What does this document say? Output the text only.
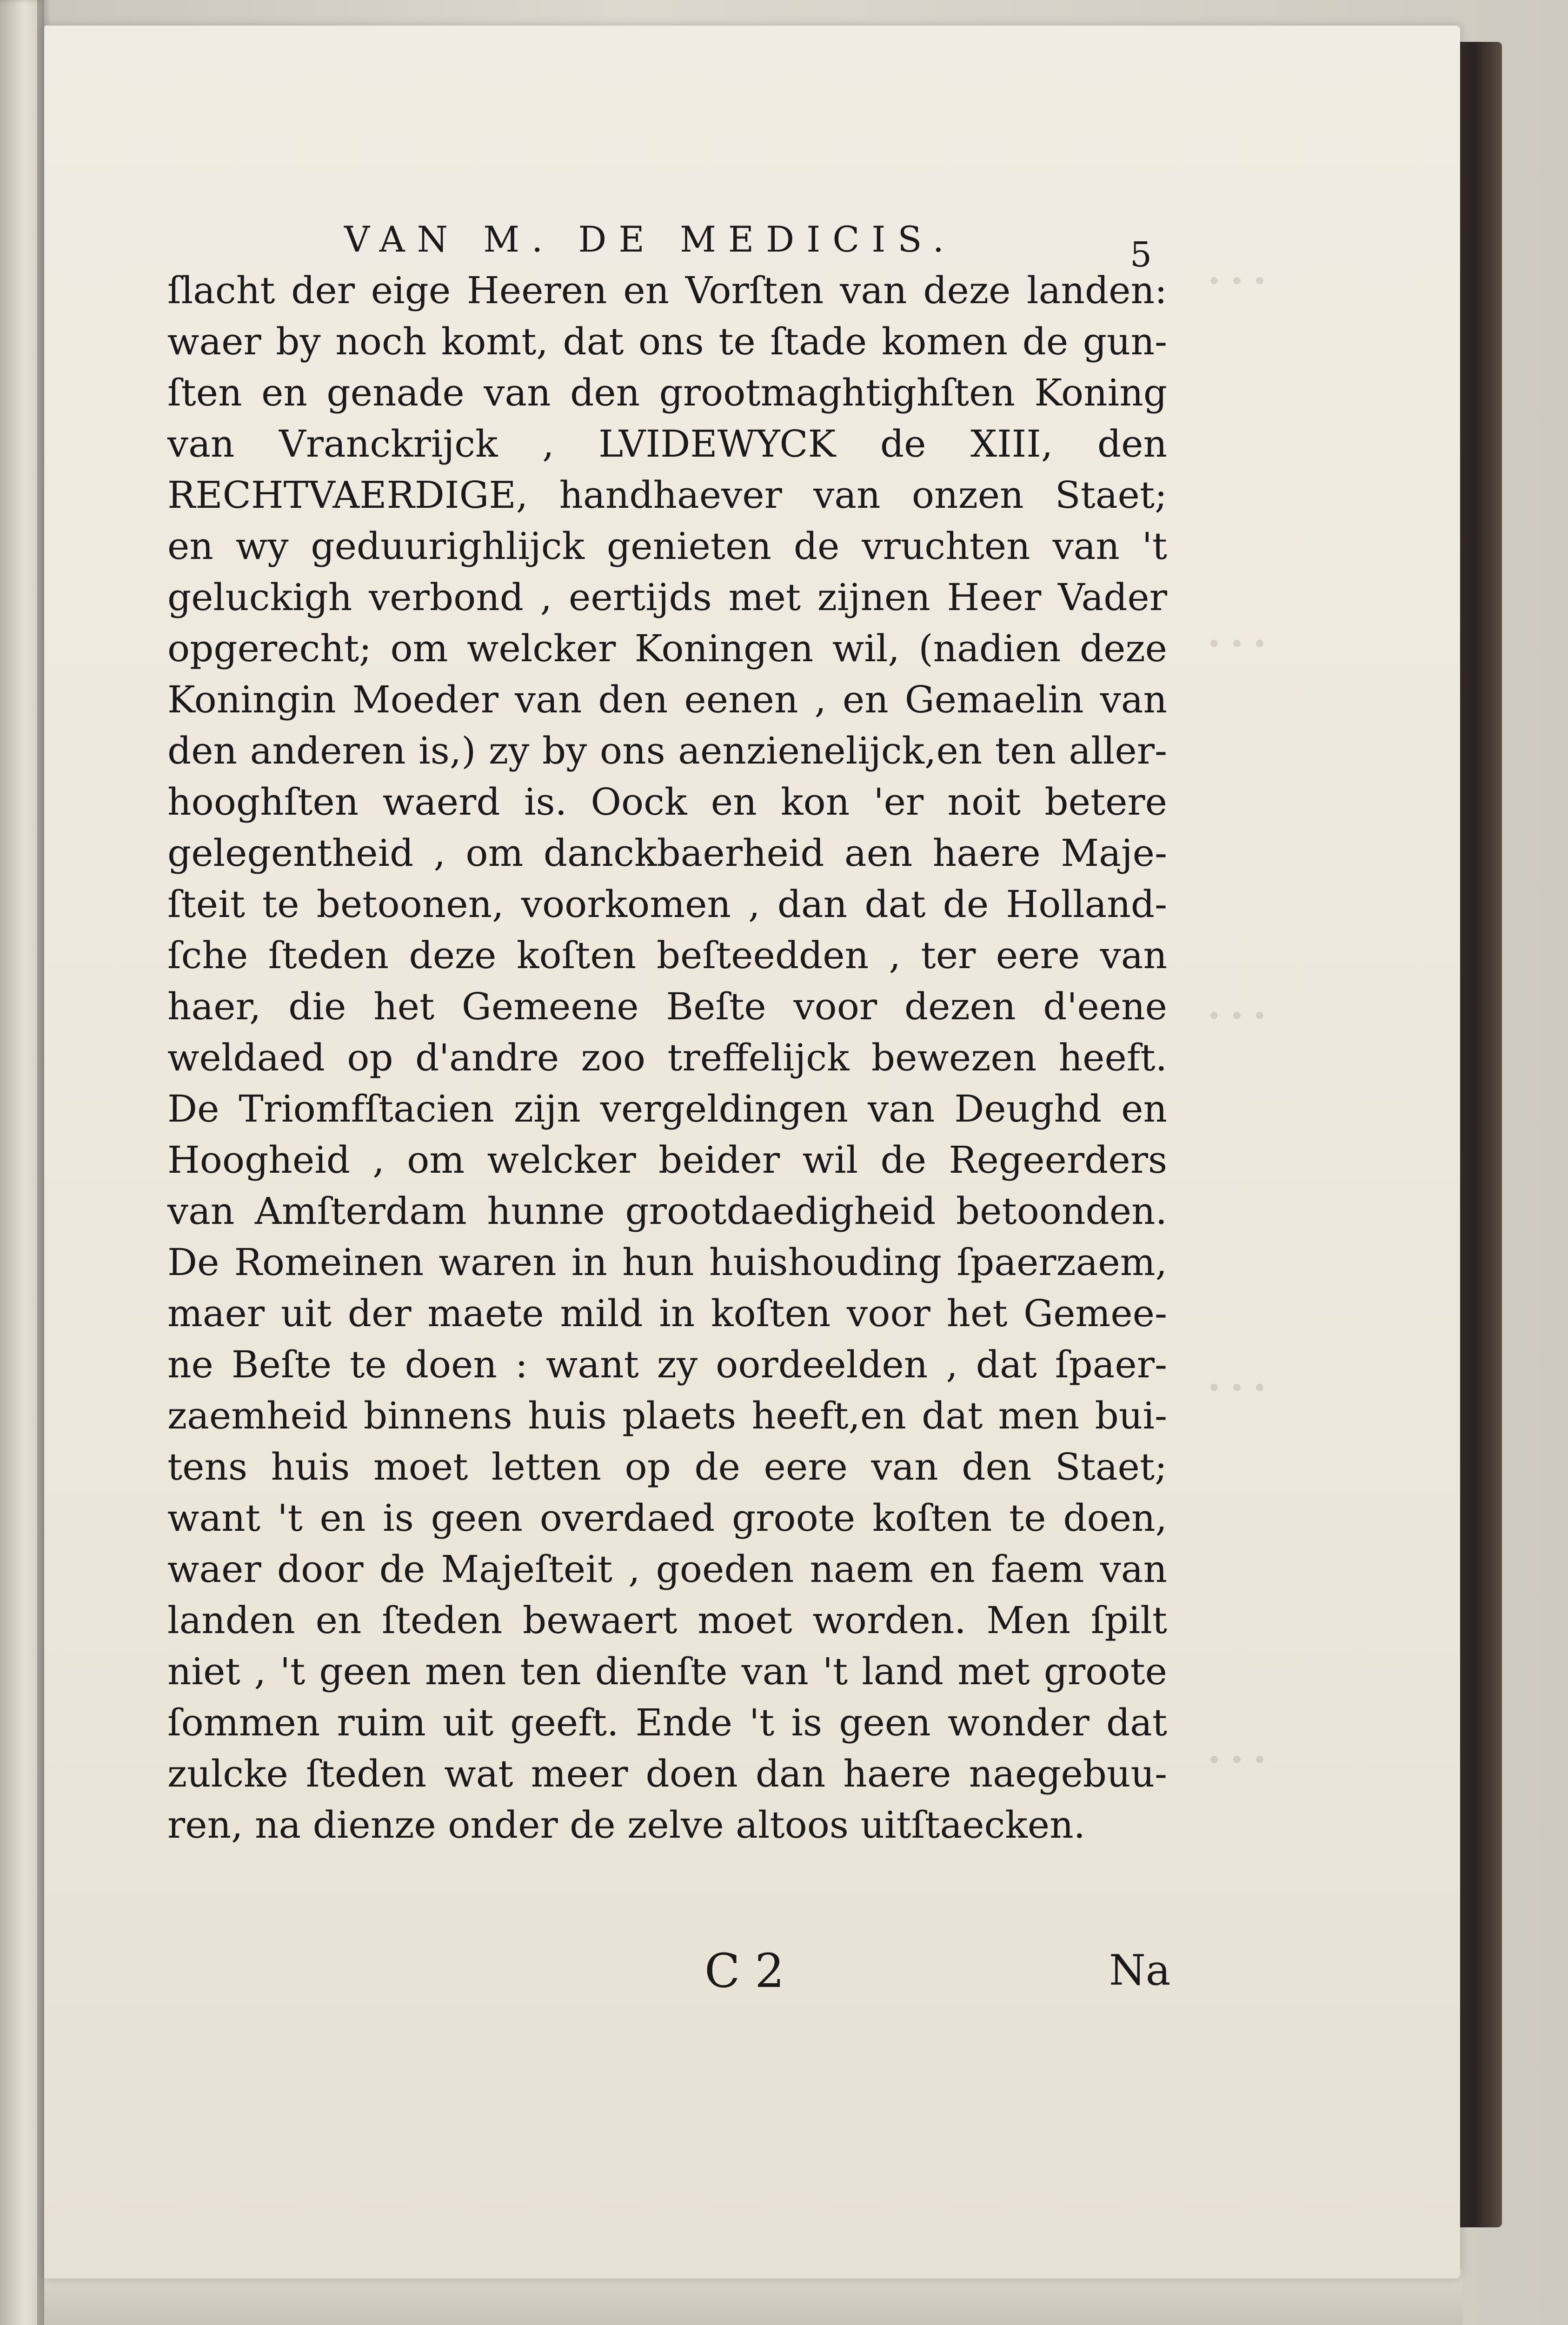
• • •
• • •
• • •
• • •
• • •
VAN M. DE MEDICIS.	5
ſlacht der eige Heeren en Vorſten van deze landen:
waer by noch komt, dat ons te ſtade komen de gun-
ſten en genade van den grootmaghtighſten Koning
van Vranckrijck , LVIDEWYCK de XIII, den
RECHTVAERDIGE, handhaever van onzen Staet;
en wy geduurighlijck genieten de vruchten van 't
geluckigh verbond , eertijds met zijnen Heer Vader
opgerecht; om welcker Koningen wil, (nadien deze
Koningin Moeder van den eenen , en Gemaelin van
den anderen is,) zy by ons aenzienelijck,en ten aller-
hooghſten waerd is. Oock en kon 'er noit betere
gelegentheid , om danckbaerheid aen haere Maje-
ſteit te betoonen, voorkomen , dan dat de Holland-
ſche ſteden deze koſten beſteedden , ter eere van
haer, die het Gemeene Beſte voor dezen d'eene
weldaed op d'andre zoo treffelijck bewezen heeft.
De Triomfſtacien zijn vergeldingen van Deughd en
Hoogheid , om welcker beider wil de Regeerders
van Amſterdam hunne grootdaedigheid betoonden.
De Romeinen waren in hun huishouding ſpaerzaem,
maer uit der maete mild in koſten voor het Gemee-
ne Beſte te doen : want zy oordeelden , dat ſpaer-
zaemheid binnens huis plaets heeft,en dat men bui-
tens huis moet letten op de eere van den Staet;
want 't en is geen overdaed groote koſten te doen,
waer door de Majeſteit , goeden naem en faem van
landen en ſteden bewaert moet worden. Men ſpilt
niet , 't geen men ten dienſte van 't land met groote
ſommen ruim uit geeft. Ende 't is geen wonder dat
zulcke ſteden wat meer doen dan haere naegebuu-
ren, na dienze onder de zelve altoos uitſtaecken.
C 2	Na
